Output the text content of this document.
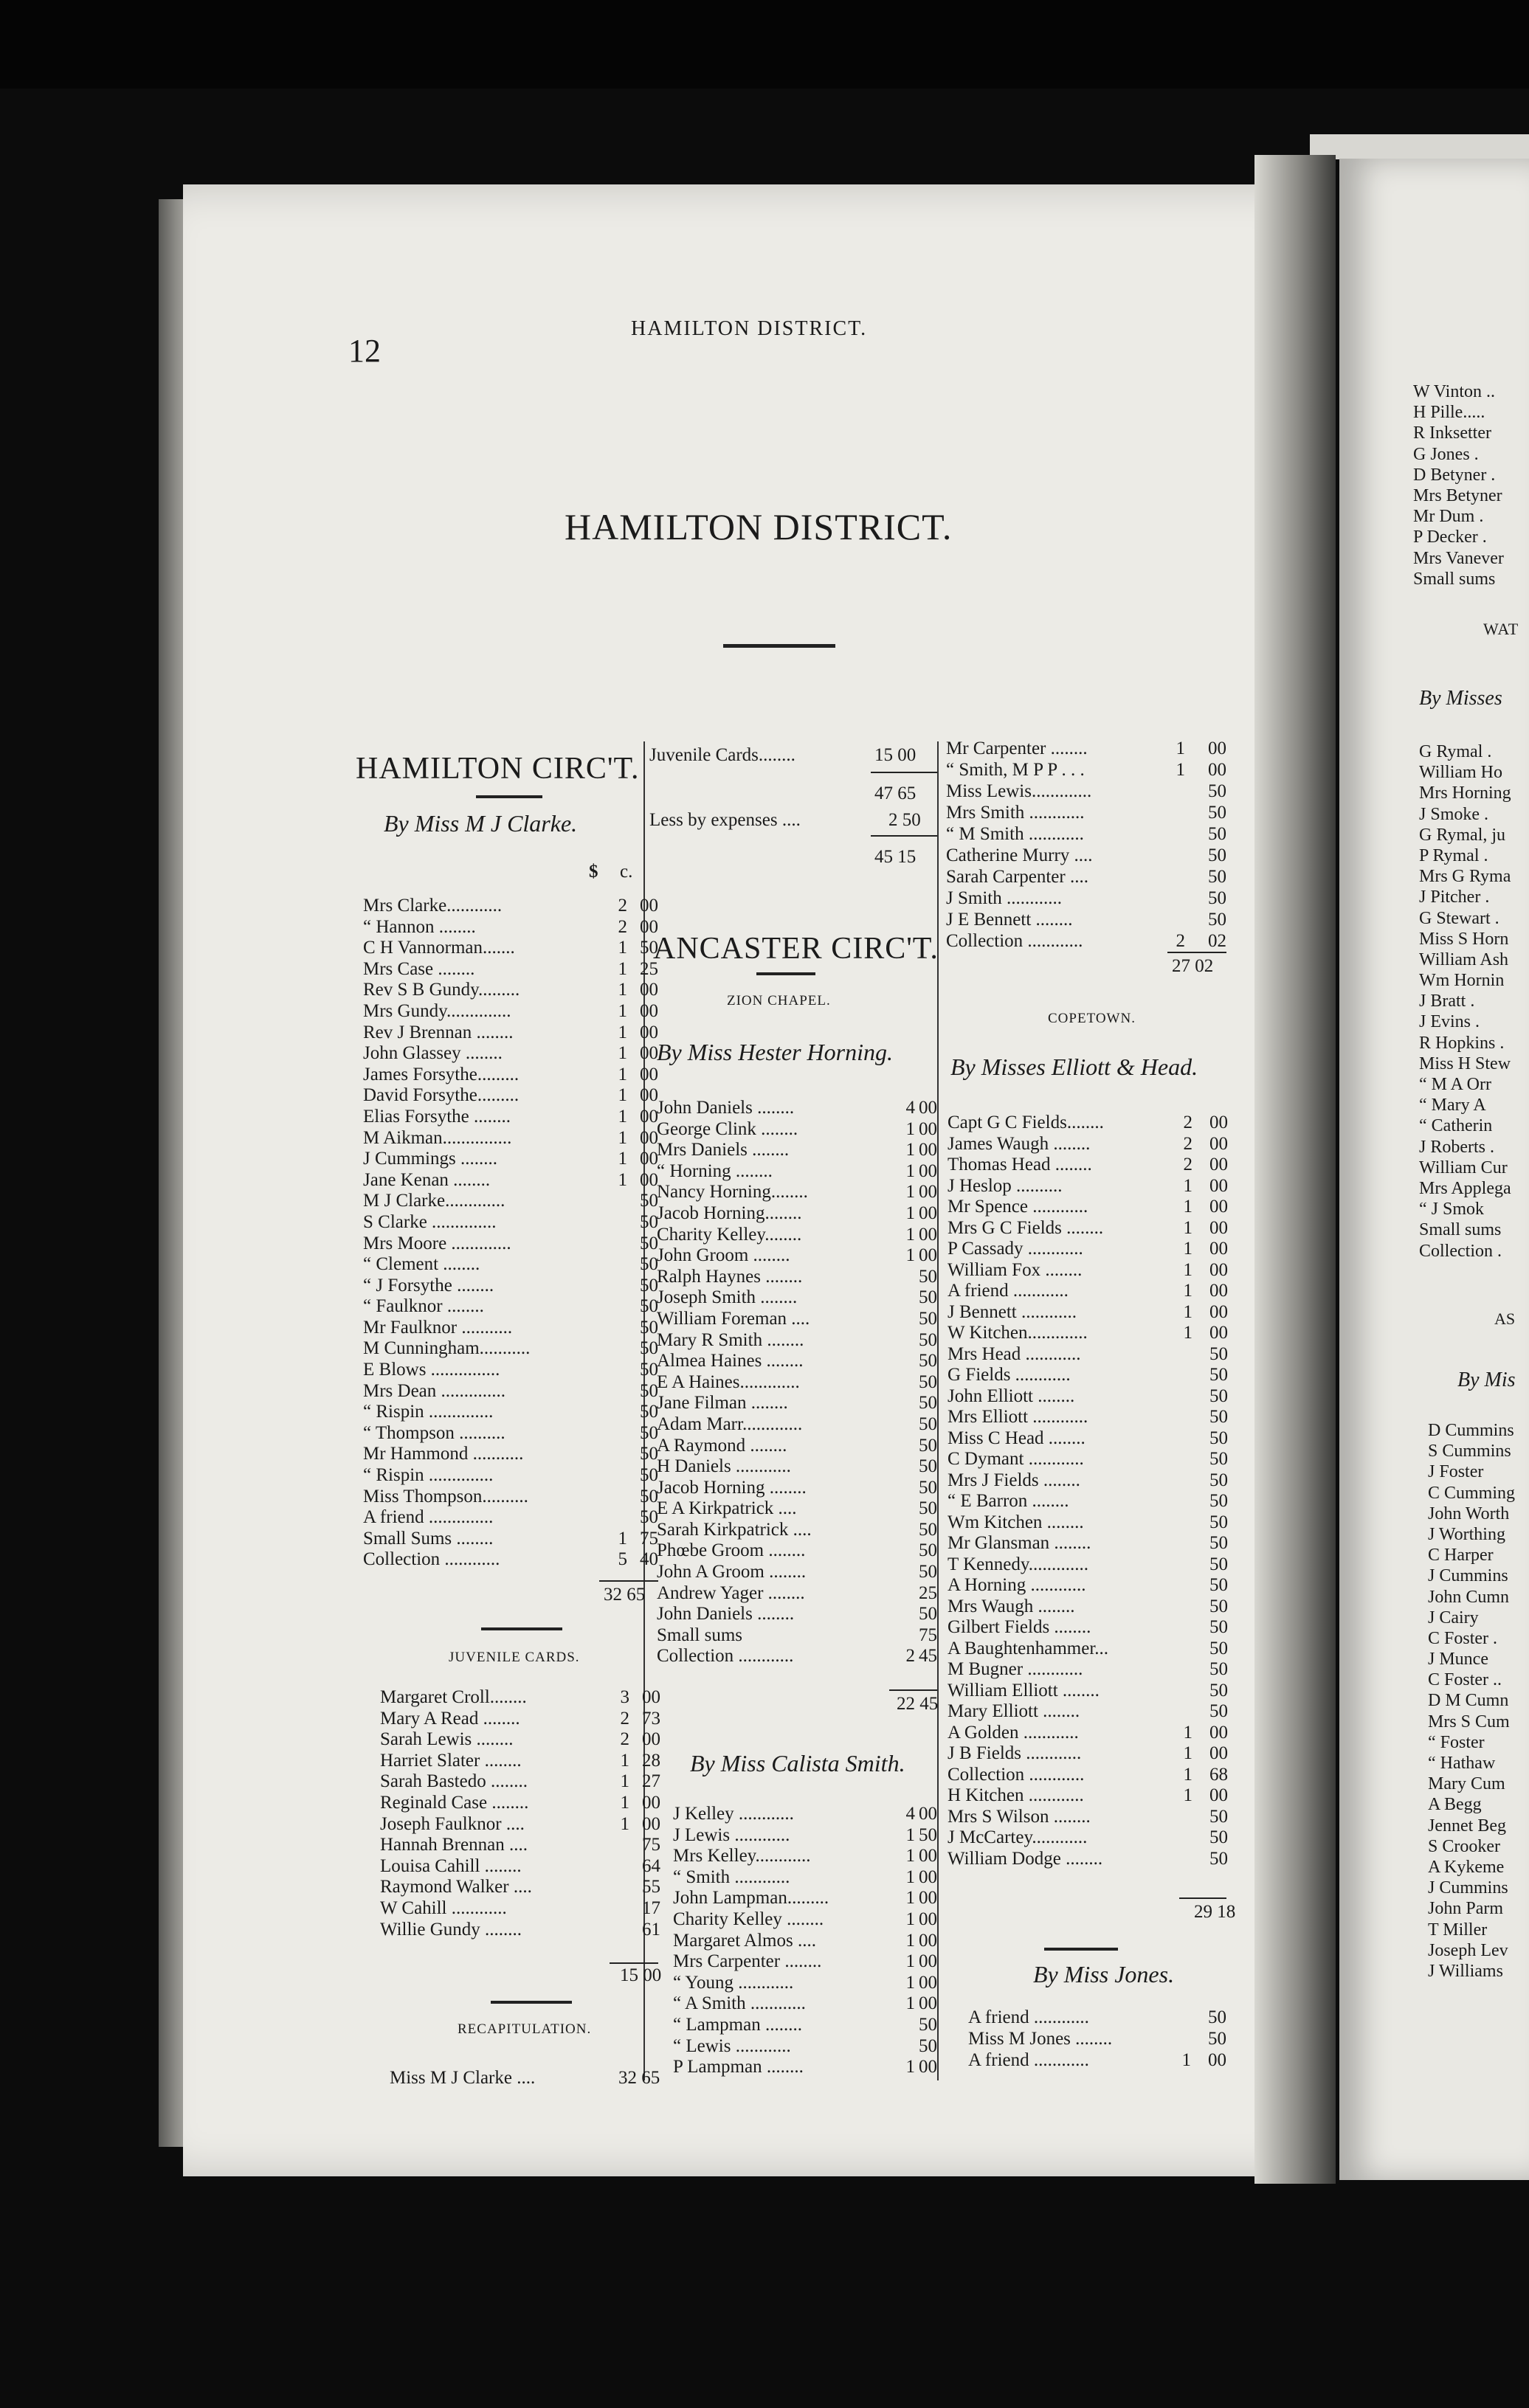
W Vinton ..
H Pille.....
R Inksetter
G Jones .
D Betyner .
Mrs Betyner
Mr Dum .
P Decker .
Mrs Vanever
Small sums
WAT
By Misses
G Rymal .
William Ho
Mrs Horning
J Smoke .
G Rymal, ju
P Rymal .
Mrs G Ryma
J Pitcher .
G Stewart .
Miss S Horn
William Ash
Wm Hornin
J Bratt .
J Evins .
R Hopkins .
Miss H Stew
“ M A Orr
“ Mary A
“ Catherin
J Roberts .
William Cur
Mrs Applega
“ J Smok
Small sums
Collection .
AS
By Mis
D Cummins
S Cummins
J Foster
C Cumming
John Worth
J Worthing
C Harper
J Cummins
John Cumn
J Cairy
C Foster .
J Munce
C Foster ..
D M Cumn
Mrs S Cum
“ Foster
“ Hathaw
Mary Cum
A Begg
Jennet Beg
S Crooker
A Kykeme
J Cummins
John Parm
T Miller
Joseph Lev
J Williams
12
HAMILTON DISTRICT.
HAMILTON DISTRICT.
HAMILTON CIRC'T.
By Miss M J Clarke.
$ c.
Mrs Clarke............	2 00
“ Hannon ........	2 00
C H Vannorman.......	1 50
Mrs Case ........	1 25
Rev S B Gundy.........	1 00
Mrs Gundy..............	1 00
Rev J Brennan ........	1 00
John Glassey ........	1 00
James Forsythe.........	1 00
David Forsythe.........	1 00
Elias Forsythe ........	1 00
M Aikman...............	1 00
J Cummings ........	1 00
Jane Kenan ........	1 00
M J Clarke.............	50
S Clarke ..............	50
Mrs Moore .............	50
“ Clement ........	50
“ J Forsythe ........	50
“ Faulknor ........	50
Mr Faulknor ...........	50
M Cunningham...........	50
E Blows ...............	50
Mrs Dean ..............	50
“ Rispin ..............	50
“ Thompson ..........	50
Mr Hammond ...........	50
“ Rispin ..............	50
Miss Thompson..........	50
A friend ..............	50
Small Sums ........	1 75
Collection ............	5 40
32 65
JUVENILE CARDS.
Margaret Croll........	3 00
Mary A Read ........	2 73
Sarah Lewis ........	2 00
Harriet Slater ........	1 28
Sarah Bastedo ........	1 27
Reginald Case ........	1 00
Joseph Faulknor ....	1 00
Hannah Brennan ....	75
Louisa Cahill ........	64
Raymond Walker ....	55
W Cahill ............	17
Willie Gundy ........	61
15 00
RECAPITULATION.
Miss M J Clarke ....	32 65
Juvenile Cards........	15 00
47 65
Less by expenses ....	2 50
45 15
ANCASTER CIRC'T.
ZION CHAPEL.
By Miss Hester Horning.
John Daniels ........	4 00
George Clink ........	1 00
Mrs Daniels ........	1 00
“ Horning ........	1 00
Nancy Horning........	1 00
Jacob Horning........	1 00
Charity Kelley........	1 00
John Groom ........	1 00
Ralph Haynes ........	50
Joseph Smith ........	50
William Foreman ....	50
Mary R Smith ........	50
Almea Haines ........	50
E A Haines.............	50
Jane Filman ........	50
Adam Marr.............	50
A Raymond ........	50
H Daniels ............	50
Jacob Horning ........	50
E A Kirkpatrick ....	50
Sarah Kirkpatrick ....	50
Phœbe Groom ........	50
John A Groom ........	50
Andrew Yager ........	25
John Daniels ........	50
Small sums	75
Collection ............	2 45
22 45
By Miss Calista Smith.
J Kelley ............	4 00
J Lewis ............	1 50
Mrs Kelley............	1 00
“ Smith ............	1 00
John Lampman.........	1 00
Charity Kelley ........	1 00
Margaret Almos ....	1 00
Mrs Carpenter ........	1 00
“ Young ............	1 00
“ A Smith ............	1 00
“ Lampman ........	50
“ Lewis ............	50
P Lampman ........	1 00
Mr Carpenter ........	1 00
“ Smith, M P P . . .	1 00
Miss Lewis.............	50
Mrs Smith ............	50
“ M Smith ............	50
Catherine Murry ....	50
Sarah Carpenter ....	50
J Smith ............	50
J E Bennett ........	50
Collection ............	2 02
27 02
COPETOWN.
By Misses Elliott & Head.
Capt G C Fields........	2 00
James Waugh ........	2 00
Thomas Head ........	2 00
J Heslop ..........	1 00
Mr Spence ............	1 00
Mrs G C Fields ........	1 00
P Cassady ............	1 00
William Fox ........	1 00
A friend ............	1 00
J Bennett ............	1 00
W Kitchen.............	1 00
Mrs Head ............	50
G Fields ............	50
John Elliott ........	50
Mrs Elliott ............	50
Miss C Head ........	50
C Dymant ............	50
Mrs J Fields ........	50
“ E Barron ........	50
Wm Kitchen ........	50
Mr Glansman ........	50
T Kennedy.............	50
A Horning ............	50
Mrs Waugh ........	50
Gilbert Fields ........	50
A Baughtenhammer...	50
M Bugner ............	50
William Elliott ........	50
Mary Elliott ........	50
A Golden ............	1 00
J B Fields ............	1 00
Collection ............	1 68
H Kitchen ............	1 00
Mrs S Wilson ........	50
J McCartey............	50
William Dodge ........	50
29 18
By Miss Jones.
A friend ............	50
Miss M Jones ........	50
A friend ............	1 00
